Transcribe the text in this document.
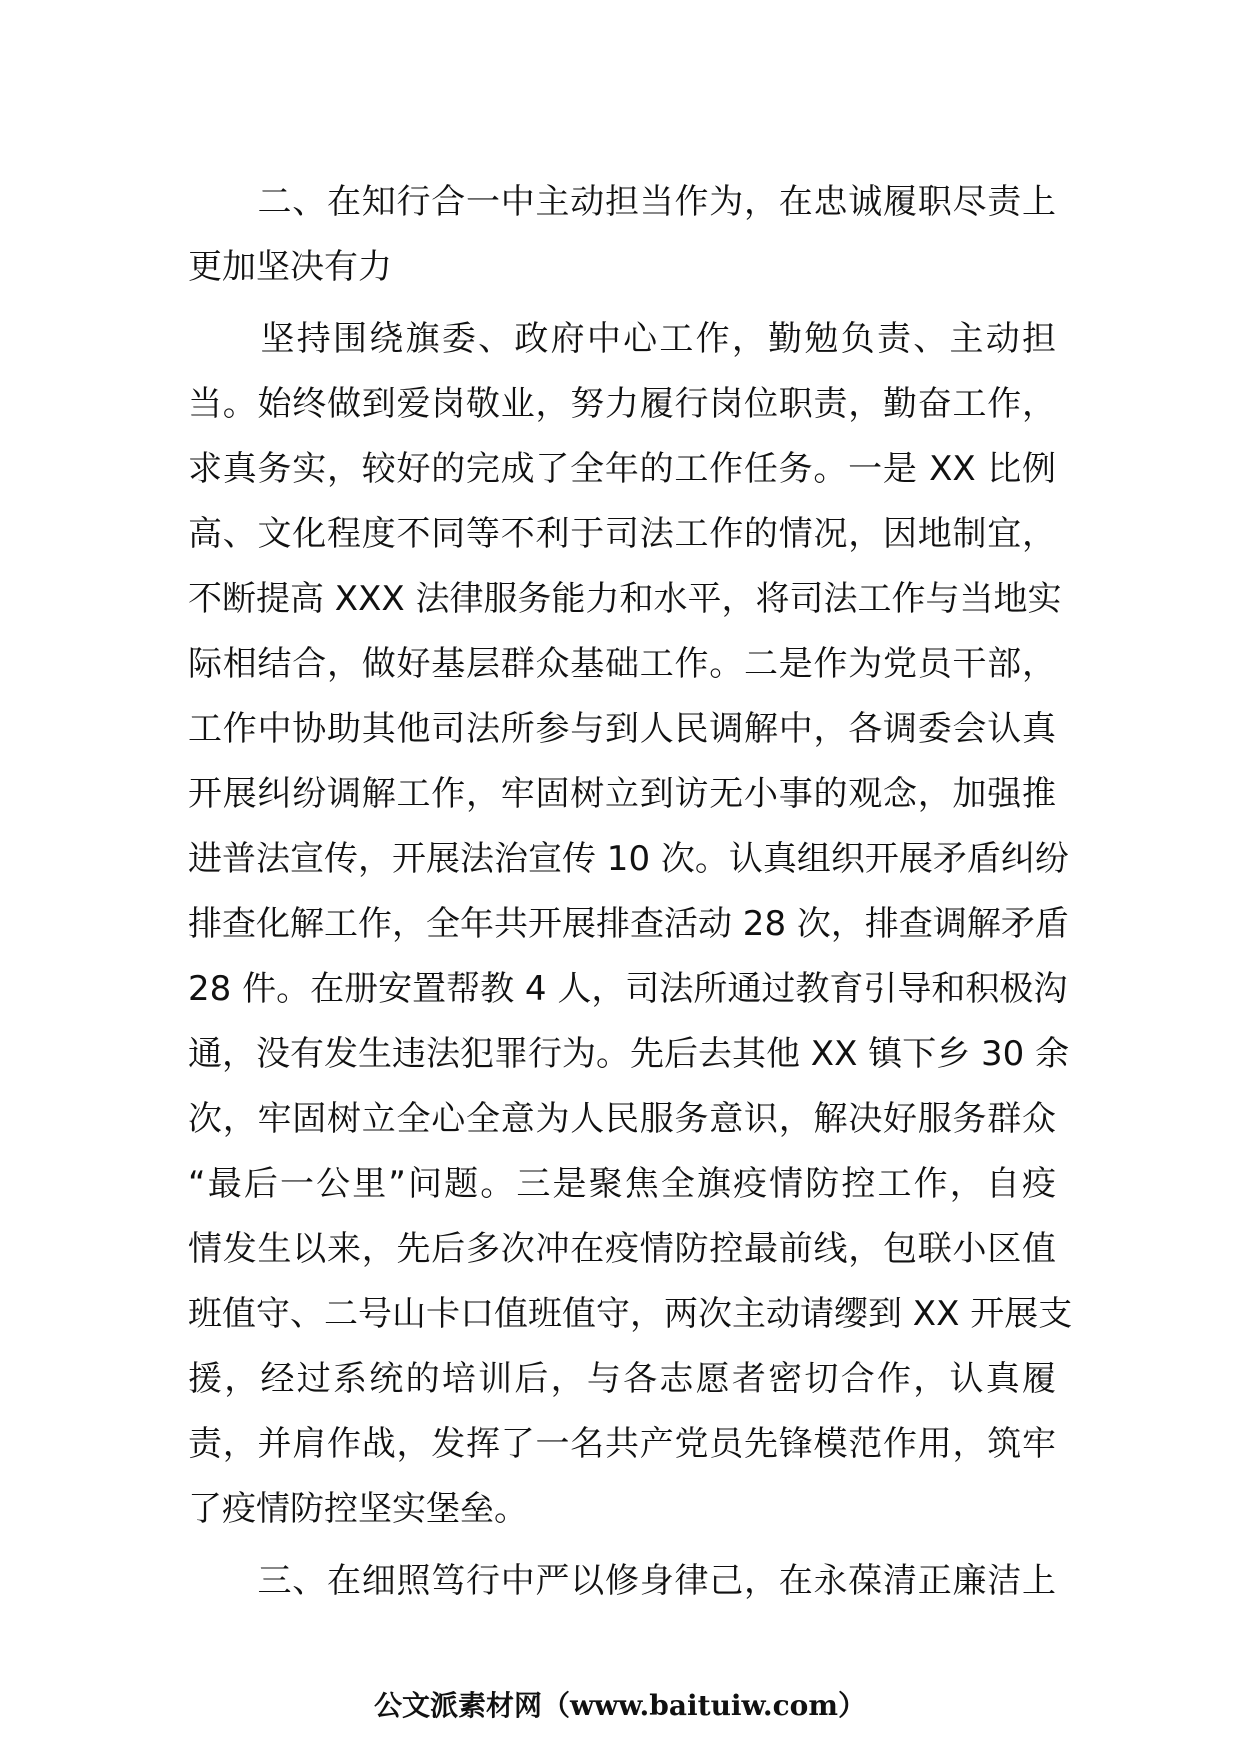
　　二、在知行合一中主动担当作为，在忠诚履职尽责上
更加坚决有力
　　坚持围绕旗委、政府中心工作，勤勉负责、主动担
当。始终做到爱岗敬业，努力履行岗位职责，勤奋工作，
求真务实，较好的完成了全年的工作任务。一是 XX 比例
高、文化程度不同等不利于司法工作的情况，因地制宜，
不断提高 XXX 法律服务能力和水平，将司法工作与当地实
际相结合，做好基层群众基础工作。二是作为党员干部，
工作中协助其他司法所参与到人民调解中，各调委会认真
开展纠纷调解工作，牢固树立到访无小事的观念，加强推
进普法宣传，开展法治宣传 10 次。认真组织开展矛盾纠纷
排查化解工作，全年共开展排查活动 28 次，排查调解矛盾
28 件。在册安置帮教 4 人，司法所通过教育引导和积极沟
通，没有发生违法犯罪行为。先后去其他 XX 镇下乡 30 余
次，牢固树立全心全意为人民服务意识，解决好服务群众
“最后一公里”问题。三是聚焦全旗疫情防控工作，自疫
情发生以来，先后多次冲在疫情防控最前线，包联小区值
班值守、二号山卡口值班值守，两次主动请缨到 XX 开展支
援，经过系统的培训后，与各志愿者密切合作，认真履
责，并肩作战，发挥了一名共产党员先锋模范作用，筑牢
了疫情防控坚实堡垒。
　　三、在细照笃行中严以修身律己，在永葆清正廉洁上
公文派素材网（www.baituiw.com）
